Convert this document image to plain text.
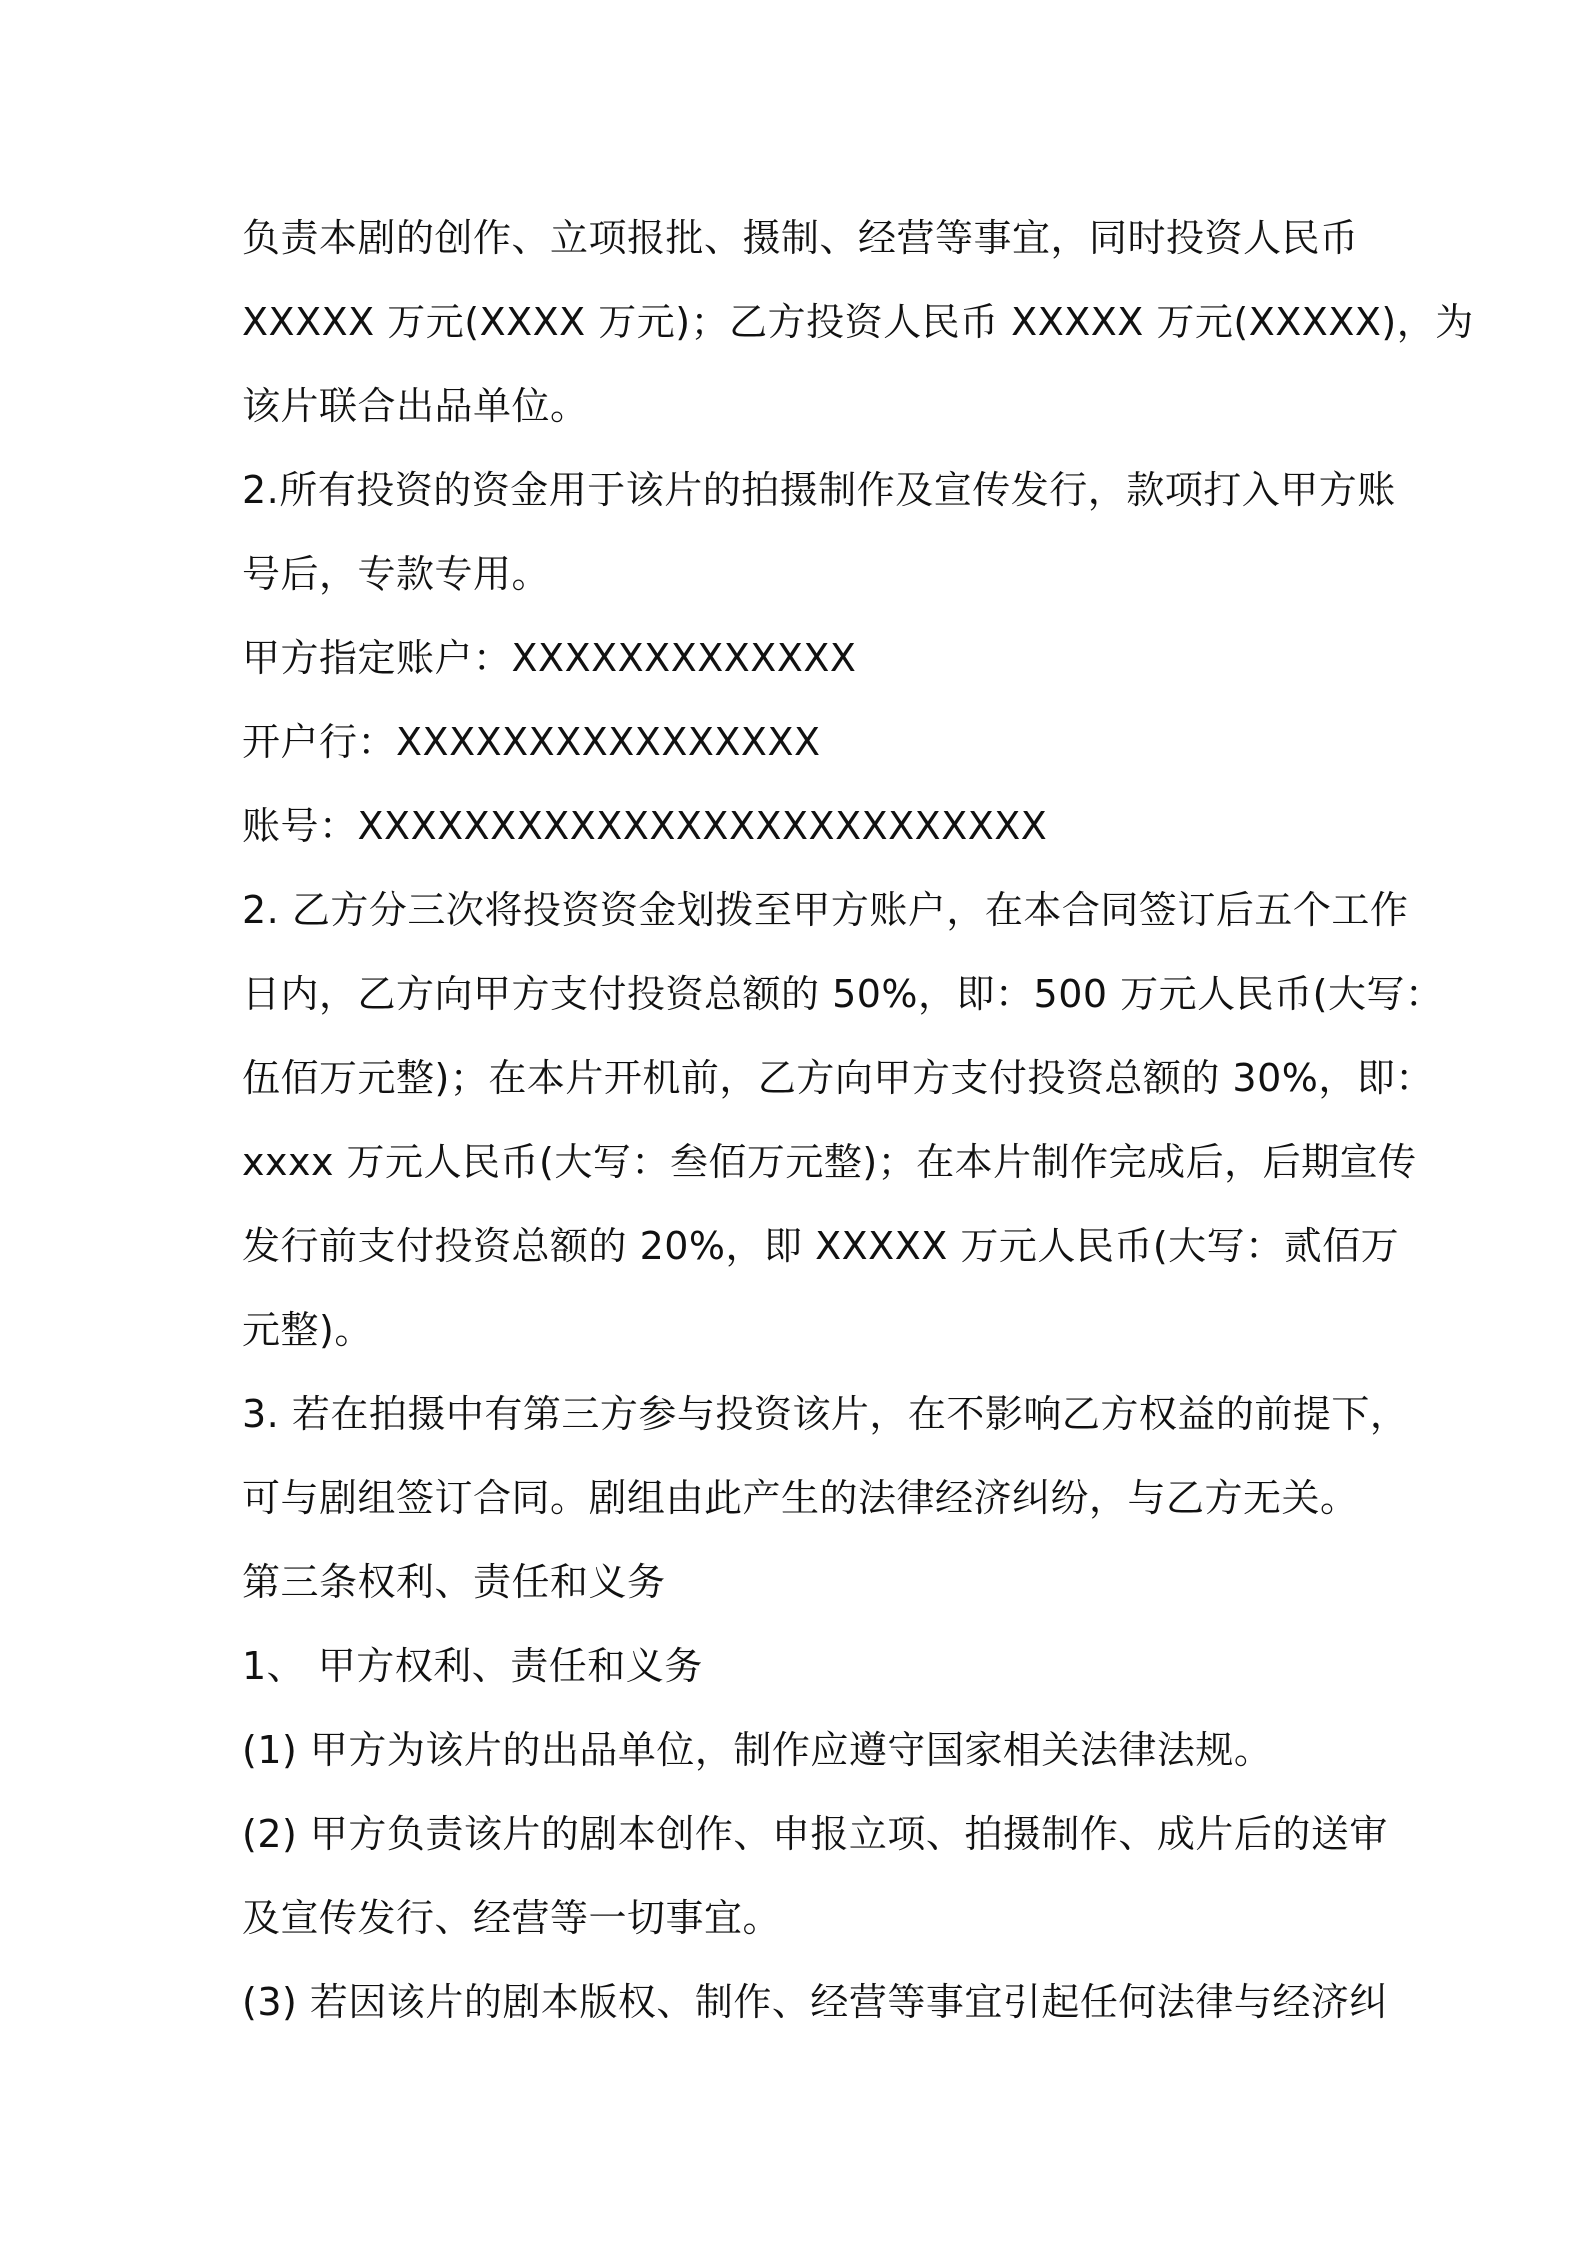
负责本剧的创作、立项报批、摄制、经营等事宜，同时投资人民币
XXXXX 万元(XXXX 万元)；乙方投资人民币 XXXXX 万元(XXXXX)，为
该片联合出品单位。
2.所有投资的资金用于该片的拍摄制作及宣传发行，款项打入甲方账
号后，专款专用。
甲方指定账户：XXXXXXXXXXXXX
开户行：XXXXXXXXXXXXXXXX
账号：XXXXXXXXXXXXXXXXXXXXXXXXXX
2. 乙方分三次将投资资金划拨至甲方账户，在本合同签订后五个工作
日内，乙方向甲方支付投资总额的 50%，即：500 万元人民币(大写：
伍佰万元整)；在本片开机前，乙方向甲方支付投资总额的 30%，即：
xxxx 万元人民币(大写：叁佰万元整)；在本片制作完成后，后期宣传
发行前支付投资总额的 20%，即 XXXXX 万元人民币(大写：贰佰万
元整)。
3. 若在拍摄中有第三方参与投资该片，在不影响乙方权益的前提下，
可与剧组签订合同。剧组由此产生的法律经济纠纷，与乙方无关。
第三条权利、责任和义务
1、 甲方权利、责任和义务
(1) 甲方为该片的出品单位，制作应遵守国家相关法律法规。
(2) 甲方负责该片的剧本创作、申报立项、拍摄制作、成片后的送审
及宣传发行、经营等一切事宜。
(3) 若因该片的剧本版权、制作、经营等事宜引起任何法律与经济纠
